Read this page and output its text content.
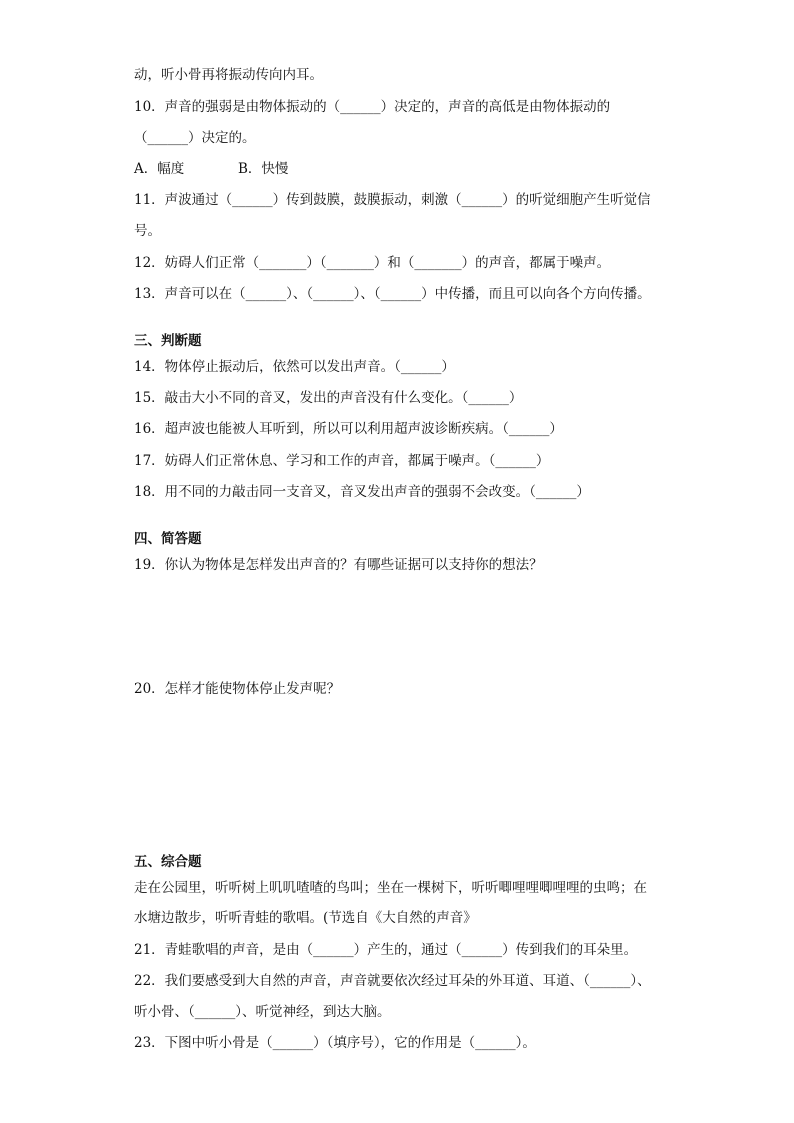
动，听小骨再将振动传向内耳。
10．声音的强弱是由物体振动的（______）决定的，声音的高低是由物体振动的
（______）决定的。
A．幅度	B．快慢
11．声波通过（______）传到鼓膜，鼓膜振动，刺激（______）的听觉细胞产生听觉信
号。
12．妨碍人们正常（_______）（_______）和（_______）的声音，都属于噪声。
13．声音可以在（______）、（______）、（______）中传播，而且可以向各个方向传播。
三、判断题
14．物体停止振动后，依然可以发出声音。（______）
15．敲击大小不同的音叉，发出的声音没有什么变化。（______）
16．超声波也能被人耳听到，所以可以利用超声波诊断疾病。（______）
17．妨碍人们正常休息、学习和工作的声音，都属于噪声。（______）
18．用不同的力敲击同一支音叉，音叉发出声音的强弱不会改变。（______）
四、简答题
19．你认为物体是怎样发出声音的？有哪些证据可以支持你的想法？
20．怎样才能使物体停止发声呢？
五、综合题
走在公园里，听听树上叽叽喳喳的鸟叫；坐在一棵树下，听听唧哩哩唧哩哩的虫鸣；在
水塘边散步，听听青蛙的歌唱。(节选自《大自然的声音》
21．青蛙歌唱的声音，是由（______）产生的，通过（______）传到我们的耳朵里。
22．我们要感受到大自然的声音，声音就要依次经过耳朵的外耳道、耳道、（______）、
听小骨、（______）、听觉神经，到达大脑。
23．下图中听小骨是（______）（填序号），它的作用是（______）。
